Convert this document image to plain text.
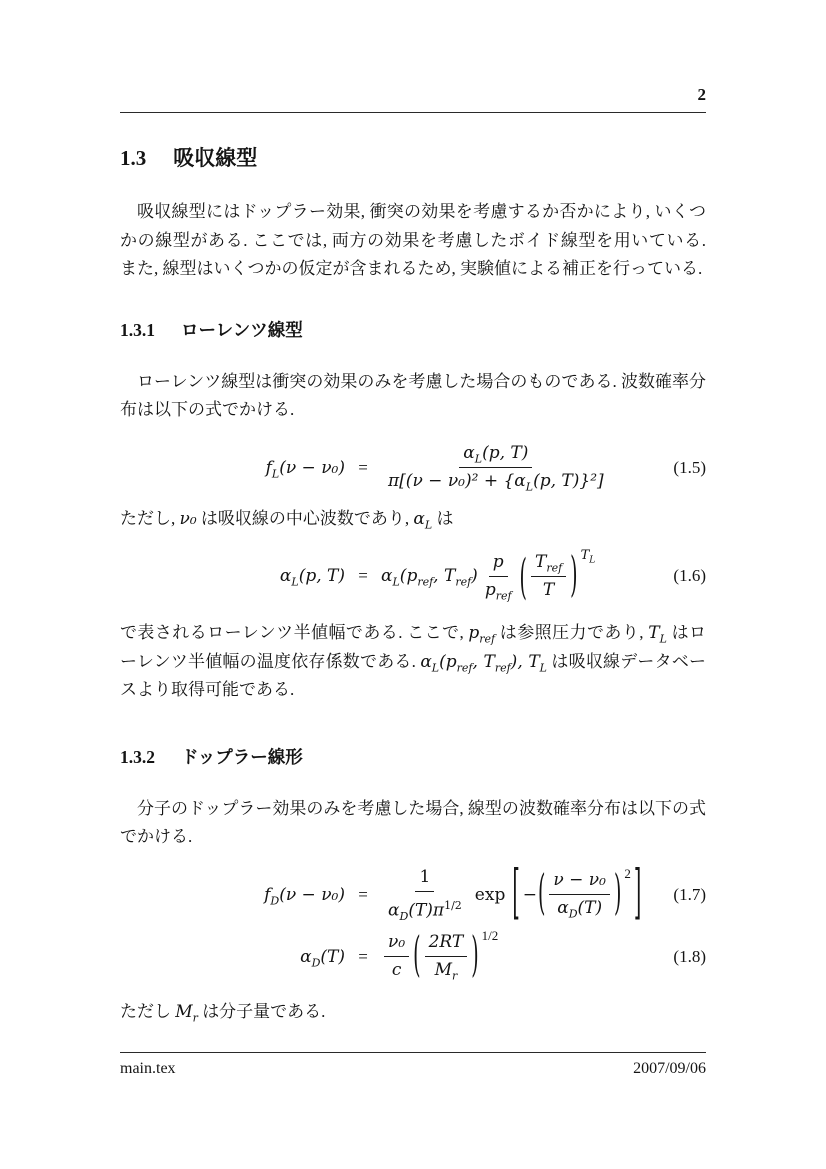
2
1.3 吸収線型

吸収線型にはドップラー効果, 衝突の効果を考慮するか否かにより, いくつかの線型がある. ここでは, 両方の効果を考慮したボイド線型を用いている. また, 線型はいくつかの仮定が含まれるため, 実験値による補正を行っている.

1.3.1 ローレンツ線型

ローレンツ線型は衝突の効果のみを考慮した場合のものである. 波数確率分布は以下の式でかける.

$f_L(\nu - \nu_0) = \frac{\alpha_L(p, T)}{\pi[(\nu - \nu_0)^2 + \{\alpha_L(p, T)\}^2]}$	(1.5)

ただし, ν₀ は吸収線の中心波数であり, $\alpha_L$ は

$\alpha_L(p$, $T) = \alpha_L(p_{ref}$, $T_{ref}) \frac{p}{p_{ref}}$ ( $\frac{T_{ref}}{T}$ ) $T_L$
(1.6)

で表されるローレンツ半値幅である. ここで, $p_{ref}$ は参照圧力であり, $T_L$ はローレンツ半値幅の温度依存係数である. $\alpha_L(p_{ref}$, $T_{ref}$), $T_L$ は吸収線データベースより取得可能である.

1.3.2 ドップラー線形

分子のドップラー効果のみを考慮した場合, 線型の波数確率分布は以下の式でかける.

$f_D(\nu - \nu_0) = \frac{1}{\alpha_D(T)\pi^{1/2}}$ exp [ − ( $\frac{\text{ν − ν₀}}{\alpha_D(T)}$ ) 2 ] (1.7)
$\alpha_D(T) = \frac{\text{ν₀}}{c}$ ( $\frac{2RT}{M_r}$ ) 1/2
(1.8)

ただし $M_r$ は分子量である.

main.tex	2007/09/06
